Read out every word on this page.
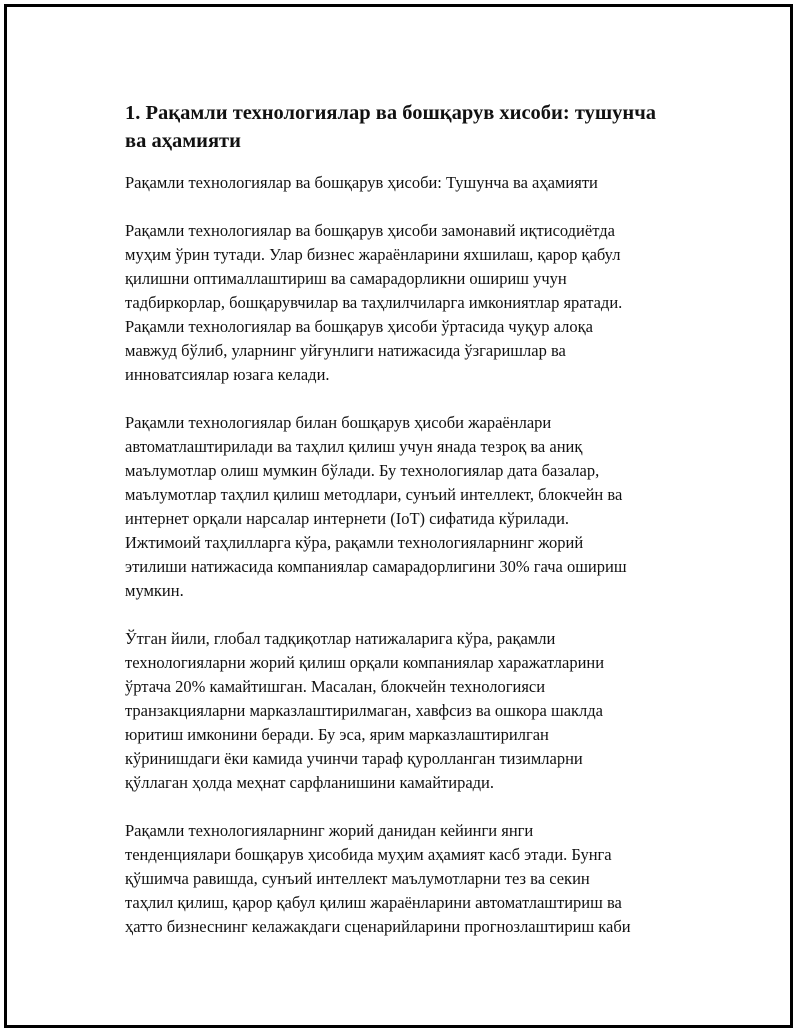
1. Рақамли технологиялар ва бошқарув хисоби: тушунча
ва аҳамияти
Рақамли технологиялар ва бошқарув ҳисоби: Тушунча ва аҳамияти
Рақамли технологиялар ва бошқарув ҳисоби замонавий иқтисодиётда
муҳим ўрин тутади. Улар бизнес жараёнларини яхшилаш, қарор қабул
қилишни оптималлаштириш ва самарадорликни ошириш учун
тадбиркорлар, бошқарувчилар ва таҳлилчиларга имкониятлар яратади.
Рақамли технологиялар ва бошқарув ҳисоби ўртасида чуқур алоқа
мавжуд бўлиб, уларнинг уйғунлиги натижасида ўзгаришлар ва
инноватсиялар юзага келади.
Рақамли технологиялар билан бошқарув ҳисоби жараёнлари
автоматлаштирилади ва таҳлил қилиш учун янада тезроқ ва аниқ
маълумотлар олиш мумкин бўлади. Бу технологиялар дата базалар,
маълумотлар таҳлил қилиш методлари, сунъий интеллект, блокчейн ва
интернет орқали нарсалар интернети (IoT) сифатида кўрилади.
Ижтимоий таҳлилларга кўра, рақамли технологияларнинг жорий
этилиши натижасида компаниялар самарадорлигини 30% гача ошириш
мумкин.
Ўтган йили, глобал тадқиқотлар натижаларига кўра, рақамли
технологияларни жорий қилиш орқали компаниялар харажатларини
ўртача 20% камайтишган. Масалан, блокчейн технологияси
транзакцияларни марказлаштирилмаган, хавфсиз ва ошкора шаклда
юритиш имконини беради. Бу эса, ярим марказлаштирилган
кўринишдаги ёки камида учинчи тараф қуролланган тизимларни
қўллаган ҳолда меҳнат сарфланишини камайтиради.
Рақамли технологияларнинг жорий данидан кейинги янги
тенденциялари бошқарув ҳисобида муҳим аҳамият касб этади. Бунга
қўшимча равишда, сунъий интеллект маълумотларни тез ва секин
таҳлил қилиш, қарор қабул қилиш жараёнларини автоматлаштириш ва
ҳатто бизнеснинг келажакдаги сценарийларини прогнозлаштириш каби
